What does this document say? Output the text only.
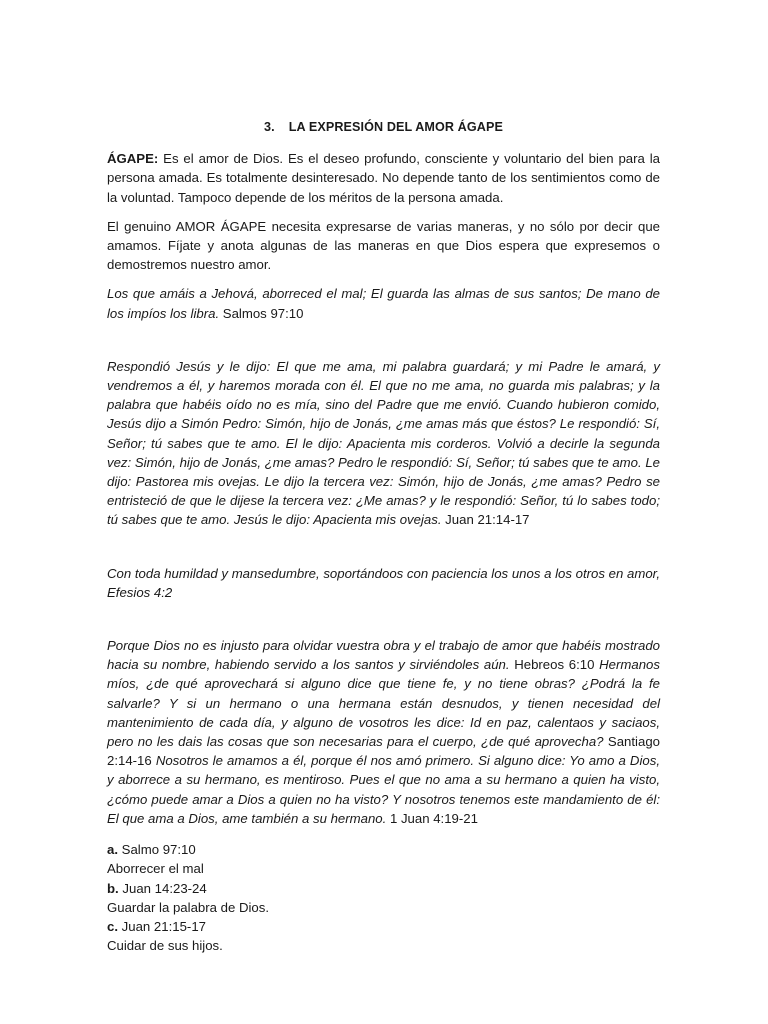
3. LA EXPRESIÓN DEL AMOR ÁGAPE

ÁGAPE: Es el amor de Dios. Es el deseo profundo, consciente y voluntario del bien para la persona amada. Es totalmente desinteresado. No depende tanto de los sentimientos como de la voluntad. Tampoco depende de los méritos de la persona amada.

El genuino AMOR ÁGAPE necesita expresarse de varias maneras, y no sólo por decir que amamos. Fíjate y anota algunas de las maneras en que Dios espera que expresemos o demostremos nuestro amor.

Los que amáis a Jehová, aborreced el mal; El guarda las almas de sus santos; De mano de los impíos los libra. Salmos 97:10

Respondió Jesús y le dijo: El que me ama, mi palabra guardará; y mi Padre le amará, y vendremos a él, y haremos morada con él. El que no me ama, no guarda mis palabras; y la palabra que habéis oído no es mía, sino del Padre que me envió. Cuando hubieron comido, Jesús dijo a Simón Pedro: Simón, hijo de Jonás, ¿me amas más que éstos? Le respondió: Sí, Señor; tú sabes que te amo. El le dijo: Apacienta mis corderos. Volvió a decirle la segunda vez: Simón, hijo de Jonás, ¿me amas? Pedro le respondió: Sí, Señor; tú sabes que te amo. Le dijo: Pastorea mis ovejas. Le dijo la tercera vez: Simón, hijo de Jonás, ¿me amas? Pedro se entristeció de que le dijese la tercera vez: ¿Me amas? y le respondió: Señor, tú lo sabes todo; tú sabes que te amo. Jesús le dijo: Apacienta mis ovejas. Juan 21:14-17

Con toda humildad y mansedumbre, soportándoos con paciencia los unos a los otros en amor, Efesios 4:2

Porque Dios no es injusto para olvidar vuestra obra y el trabajo de amor que habéis mostrado hacia su nombre, habiendo servido a los santos y sirviéndoles aún. Hebreos 6:10 Hermanos míos, ¿de qué aprovechará si alguno dice que tiene fe, y no tiene obras? ¿Podrá la fe salvarle? Y si un hermano o una hermana están desnudos, y tienen necesidad del mantenimiento de cada día, y alguno de vosotros les dice: Id en paz, calentaos y saciaos, pero no les dais las cosas que son necesarias para el cuerpo, ¿de qué aprovecha? Santiago 2:14-16 Nosotros le amamos a él, porque él nos amó primero. Si alguno dice: Yo amo a Dios, y aborrece a su hermano, es mentiroso. Pues el que no ama a su hermano a quien ha visto, ¿cómo puede amar a Dios a quien no ha visto? Y nosotros tenemos este mandamiento de él: El que ama a Dios, ame también a su hermano. 1 Juan 4:19-21

a. Salmo 97:10
Aborrecer el mal
b. Juan 14:23-24
Guardar la palabra de Dios.
c. Juan 21:15-17
Cuidar de sus hijos.
